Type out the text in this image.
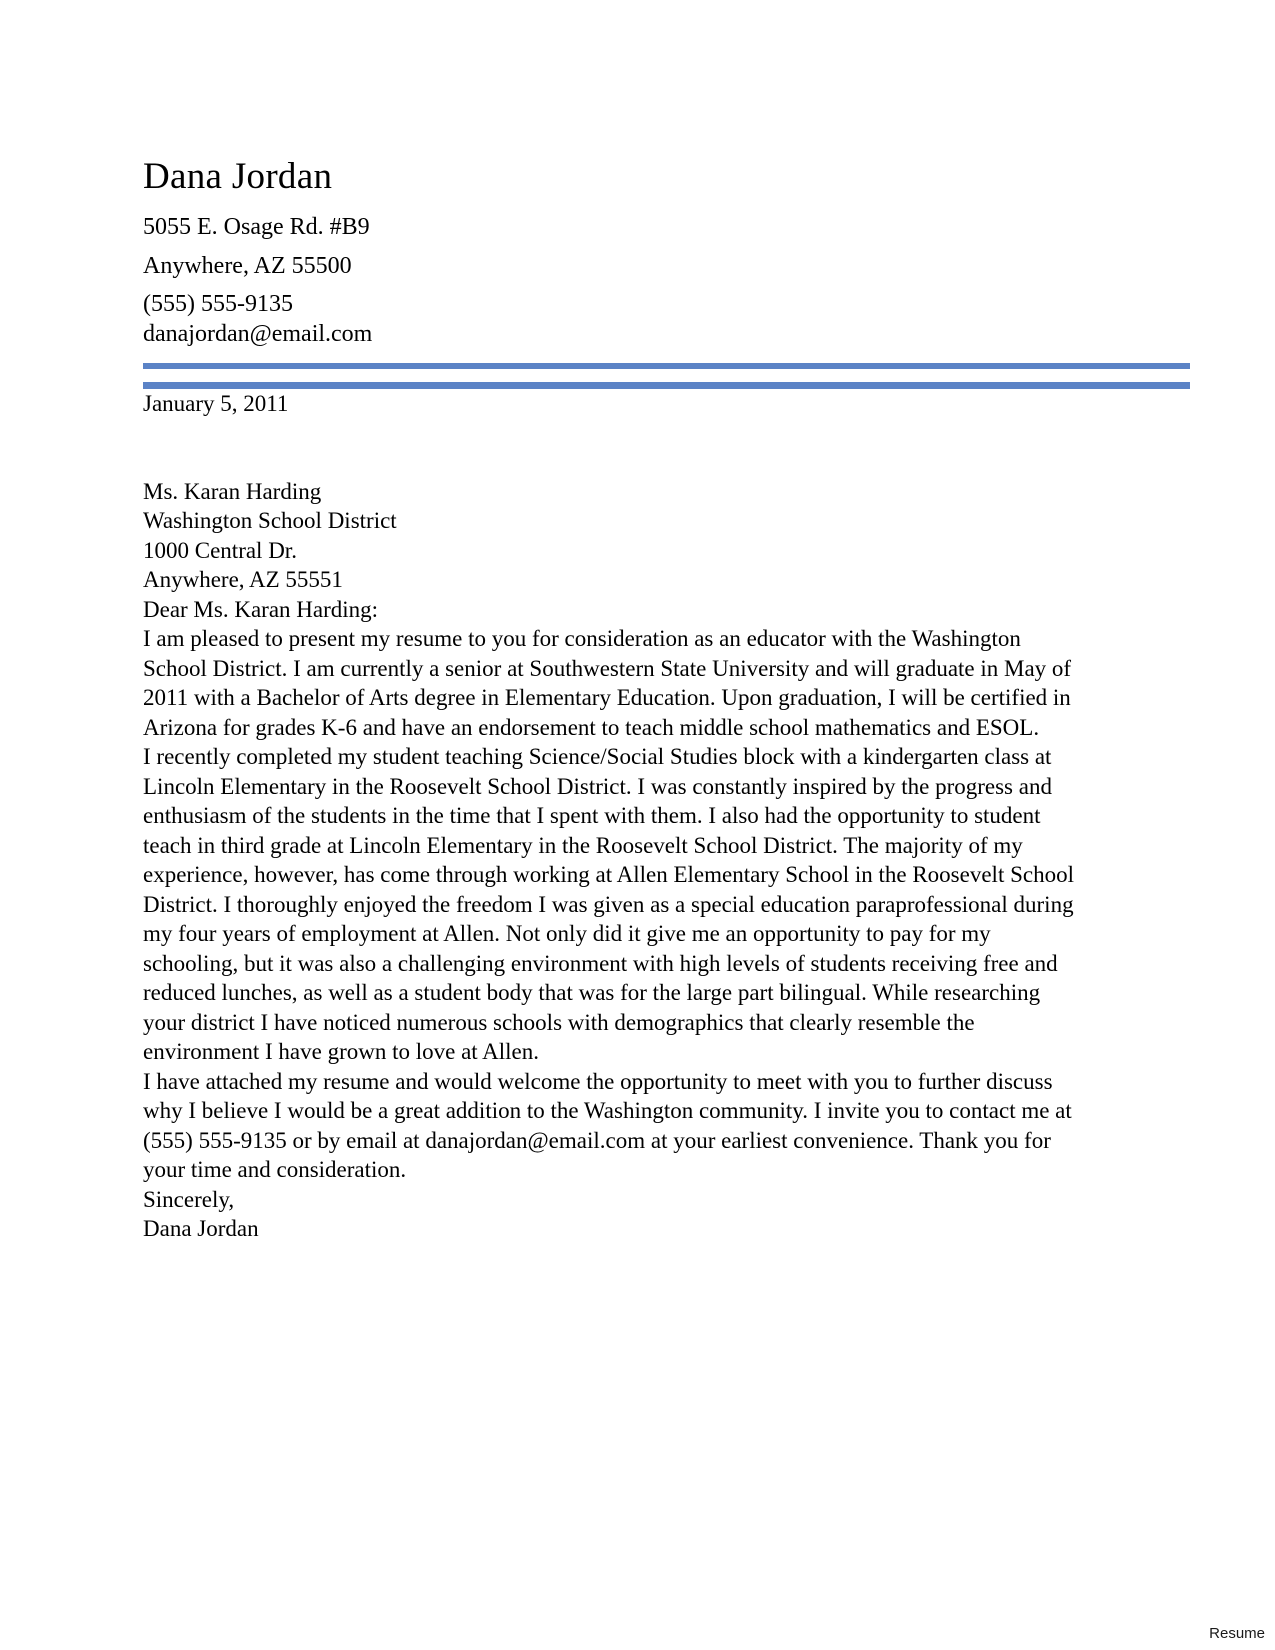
Dana Jordan

5055 E. Osage Rd. #B9

Anywhere, AZ 55500

(555) 555-9135

danajordan@email.com

January 5, 2011

Ms. Karan Harding

Washington School District

1000 Central Dr.

Anywhere, AZ 55551

Dear Ms. Karan Harding:

I am pleased to present my resume to you for consideration as an educator with the Washington School District. I am currently a senior at Southwestern State University and will graduate in May of 2011 with a Bachelor of Arts degree in Elementary Education. Upon graduation, I will be certified in Arizona for grades K-6 and have an endorsement to teach middle school mathematics and ESOL.

I recently completed my student teaching Science/Social Studies block with a kindergarten class at Lincoln Elementary in the Roosevelt School District. I was constantly inspired by the progress and enthusiasm of the students in the time that I spent with them. I also had the opportunity to student teach in third grade at Lincoln Elementary in the Roosevelt School District. The majority of my experience, however, has come through working at Allen Elementary School in the Roosevelt School District. I thoroughly enjoyed the freedom I was given as a special education paraprofessional during my four years of employment at Allen. Not only did it give me an opportunity to pay for my schooling, but it was also a challenging environment with high levels of students receiving free and reduced lunches, as well as a student body that was for the large part bilingual. While researching your district I have noticed numerous schools with demographics that clearly resemble the environment I have grown to love at Allen.

I have attached my resume and would welcome the opportunity to meet with you to further discuss why I believe I would be a great addition to the Washington community. I invite you to contact me at (555) 555-9135 or by email at danajordan@email.com at your earliest convenience. Thank you for your time and consideration.

Sincerely,

Dana Jordan

Resume
